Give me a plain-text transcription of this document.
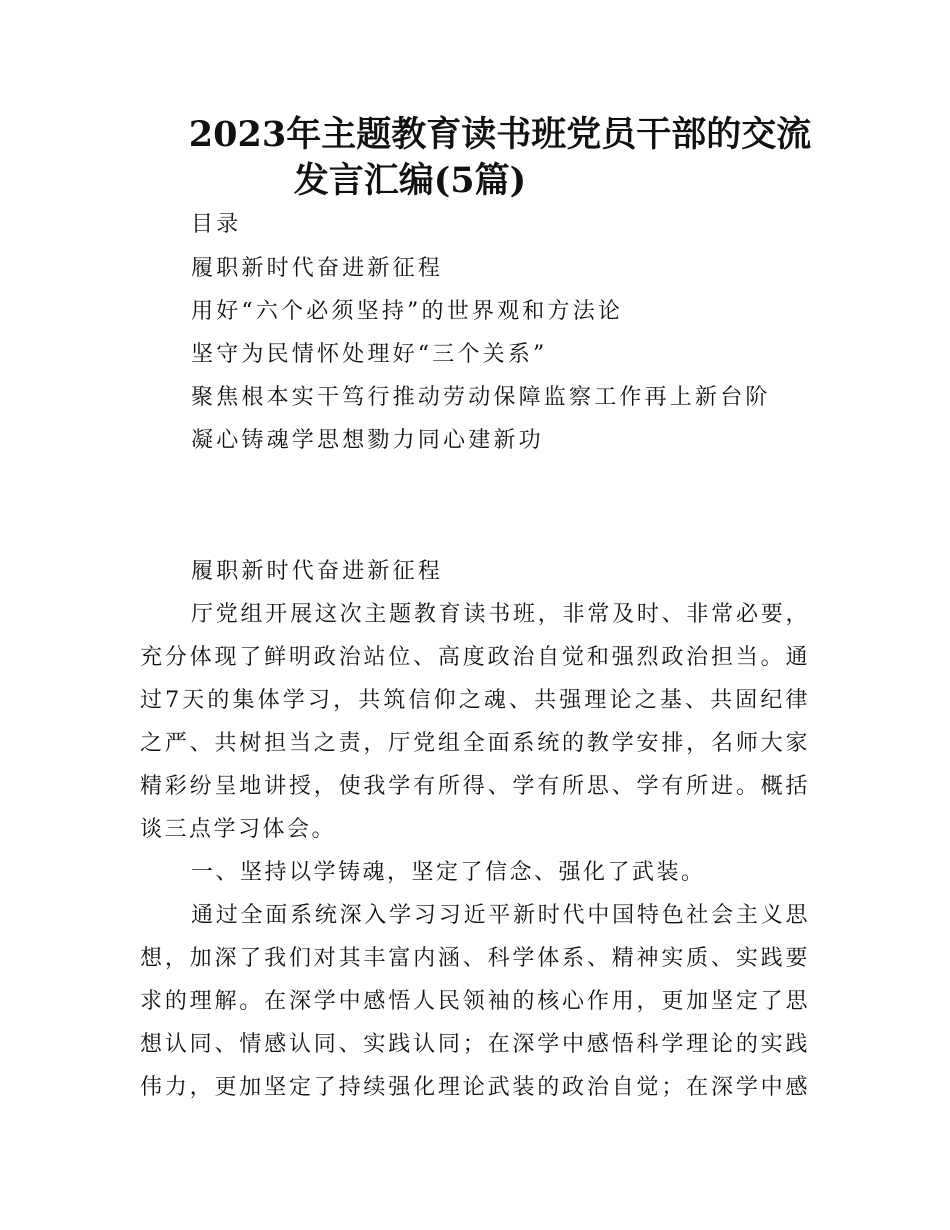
2023年主题教育读书班党员干部的交流
发言汇编(5篇)
目录
履职新时代奋进新征程
用好“六个必须坚持”的世界观和方法论
坚守为民情怀处理好“三个关系”
聚焦根本实干笃行推动劳动保障监察工作再上新台阶
凝心铸魂学思想勠力同心建新功
履职新时代奋进新征程
厅党组开展这次主题教育读书班，非常及时、非常必要，
充分体现了鲜明政治站位、高度政治自觉和强烈政治担当。通
过7天的集体学习，共筑信仰之魂、共强理论之基、共固纪律
之严、共树担当之责，厅党组全面系统的教学安排，名师大家
精彩纷呈地讲授，使我学有所得、学有所思、学有所进。概括
谈三点学习体会。
一、坚持以学铸魂，坚定了信念、强化了武装。
通过全面系统深入学习习近平新时代中国特色社会主义思
想，加深了我们对其丰富内涵、科学体系、精神实质、实践要
求的理解。在深学中感悟人民领袖的核心作用，更加坚定了思
想认同、情感认同、实践认同；在深学中感悟科学理论的实践
伟力，更加坚定了持续强化理论武装的政治自觉；在深学中感
